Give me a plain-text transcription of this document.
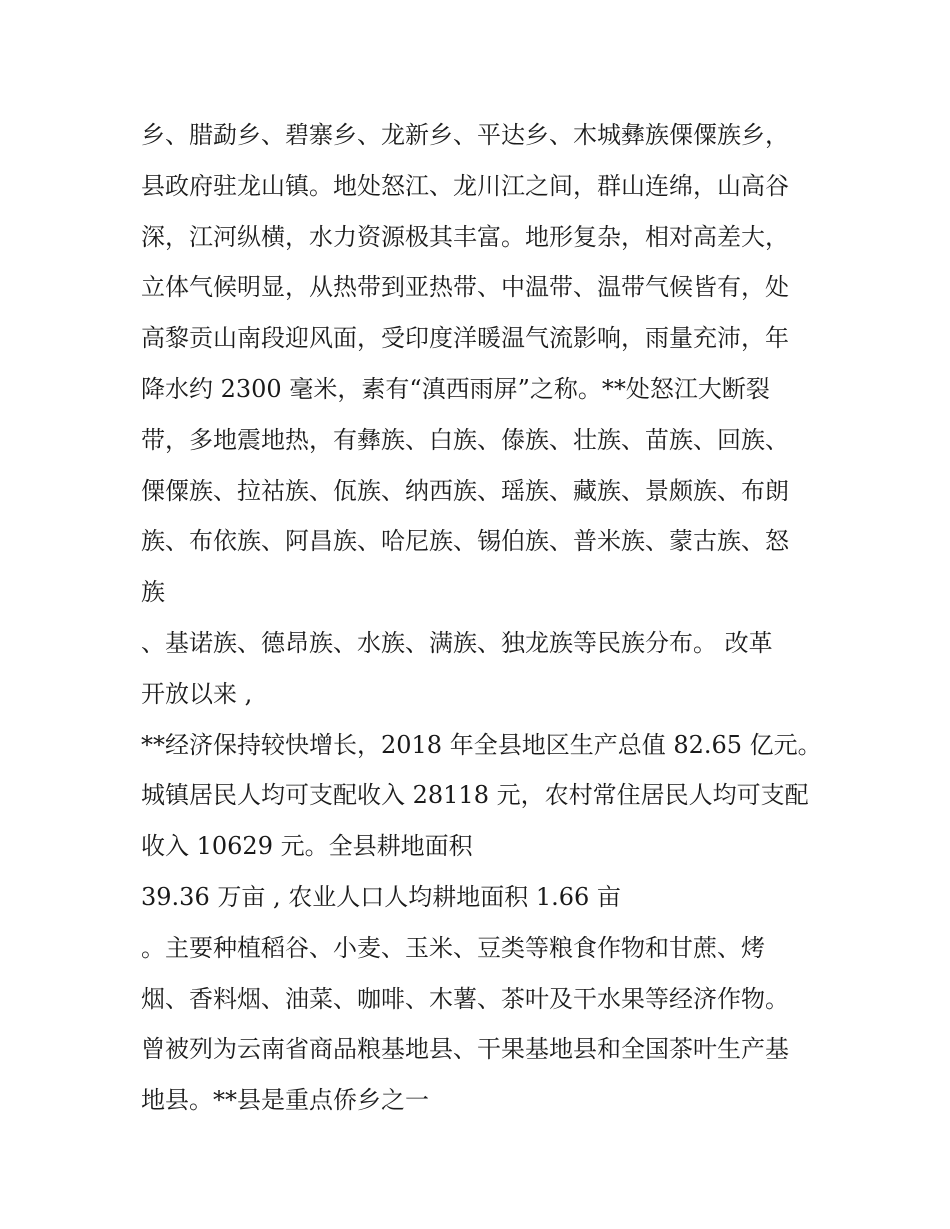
乡、腊勐乡、碧寨乡、龙新乡、平达乡、木城彝族傈僳族乡，
县政府驻龙山镇。地处怒江、龙川江之间，群山连绵，山高谷
深，江河纵横，水力资源极其丰富。地形复杂，相对高差大，
立体气候明显，从热带到亚热带、中温带、温带气候皆有，处
高黎贡山南段迎风面，受印度洋暖温气流影响，雨量充沛，年
降水约 2300 毫米，素有“滇西雨屏”之称。**处怒江大断裂
带，多地震地热，有彝族、白族、傣族、壮族、苗族、回族、
傈僳族、拉祜族、佤族、纳西族、瑶族、藏族、景颇族、布朗
族、布依族、阿昌族、哈尼族、锡伯族、普米族、蒙古族、怒
族
、基诺族、德昂族、水族、满族、独龙族等民族分布。 改革
开放以来 ,
**经济保持较快增长，2018 年全县地区生产总值 82.65 亿元。
城镇居民人均可支配收入 28118 元，农村常住居民人均可支配
收入 10629 元。全县耕地面积
39.36 万亩 , 农业人口人均耕地面积 1.66 亩
。主要种植稻谷、小麦、玉米、豆类等粮食作物和甘蔗、烤
烟、香料烟、油菜、咖啡、木薯、茶叶及干水果等经济作物。
曾被列为云南省商品粮基地县、干果基地县和全国茶叶生产基
地县。**县是重点侨乡之一
